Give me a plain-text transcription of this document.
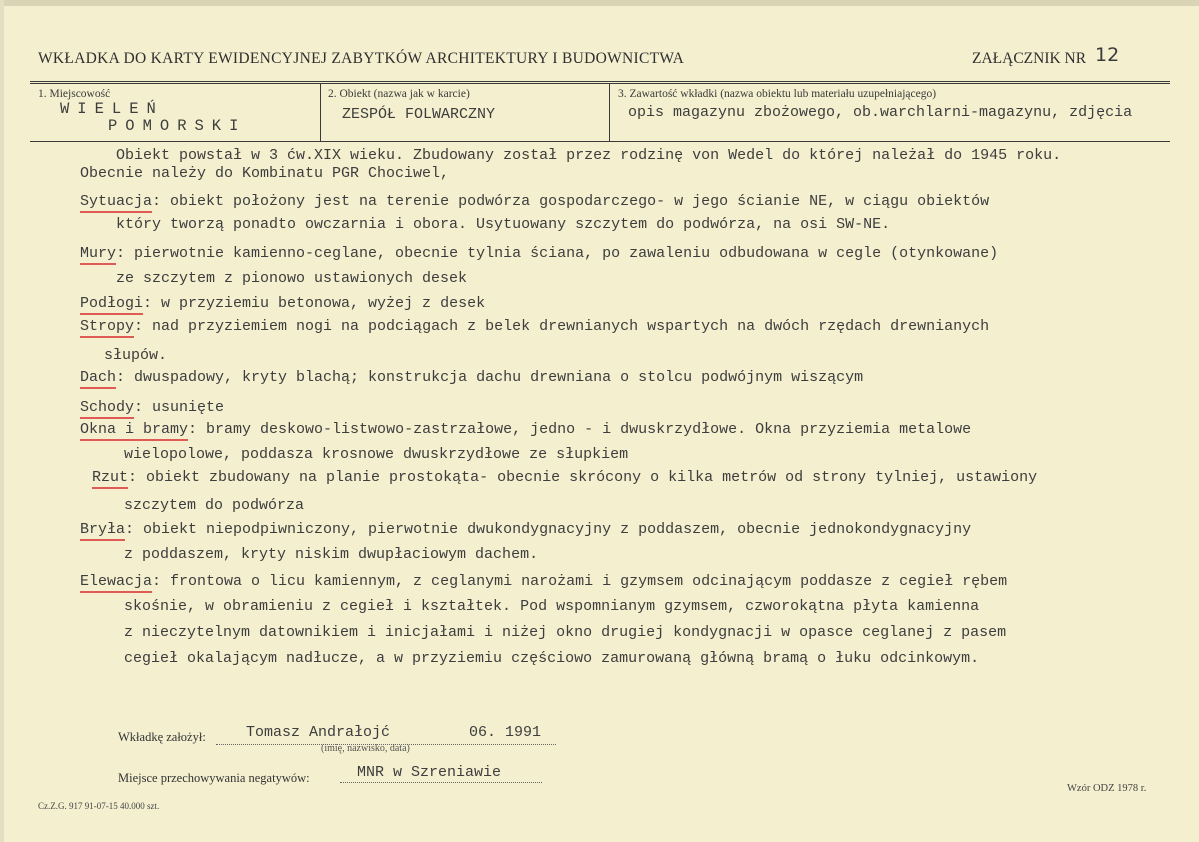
WKŁADKA DO KARTY EWIDENCYJNEJ ZABYTKÓW ARCHITEKTURY I BUDOWNICTWA	ZAŁĄCZNIK NR 12
1. Miejscowość	2. Obiekt (nazwa jak w karcie)	3. Zawartość wkładki (nazwa obiektu lub materiału uzupełniającego)
WIELEŃ
POMORSKI
ZESPÓŁ FOLWARCZNY	opis magazynu zbożowego, ob.warchlarni-magazynu, zdjęcia
Obiekt powstał w 3 ćw.XIX wieku. Zbudowany został przez rodzinę von Wedel do której należał do 1945 roku.
Obecnie należy do Kombinatu PGR Chociwel,
Sytuacja: obiekt położony jest na terenie podwórza gospodarczego- w jego ścianie NE, w ciągu obiektów
który tworzą ponadto owczarnia i obora. Usytuowany szczytem do podwórza, na osi SW-NE.
Mury: pierwotnie kamienno-ceglane, obecnie tylnia ściana, po zawaleniu odbudowana w cegle (otynkowane)
ze szczytem z pionowo ustawionych desek
Podłogi: w przyziemiu betonowa, wyżej z desek
Stropy: nad przyziemiem nogi na podciągach z belek drewnianych wspartych na dwóch rzędach drewnianych
słupów.
Dach: dwuspadowy, kryty blachą; konstrukcja dachu drewniana o stolcu podwójnym wiszącym
Schody: usunięte
Okna i bramy: bramy deskowo-listwowo-zastrzałowe, jedno - i dwuskrzydłowe. Okna przyziemia metalowe
wielopolowe, poddasza krosnowe dwuskrzydłowe ze słupkiem
Rzut: obiekt zbudowany na planie prostokąta- obecnie skrócony o kilka metrów od strony tylniej, ustawiony
szczytem do podwórza
Bryła: obiekt niepodpiwniczony, pierwotnie dwukondygnacyjny z poddaszem, obecnie jednokondygnacyjny
z poddaszem, kryty niskim dwupłaciowym dachem.
Elewacja: frontowa o licu kamiennym, z ceglanymi narożami i gzymsem odcinającym poddasze z cegieł rębem
skośnie, w obramieniu z cegieł i kształtek. Pod wspomnianym gzymsem, czworokątna płyta kamienna
z nieczytelnym datownikiem i inicjałami i niżej okno drugiej kondygnacji w opasce ceglanej z pasem
cegieł okalającym nadłucze, a w przyziemiu częściowo zamurowaną główną bramą o łuku odcinkowym.
Wkładkę założył:	Tomasz Andrałojć	06. 1991
(imię, nazwisko, data)
Miejsce przechowywania negatywów:	MNR w Szreniawie
Cz.Z.G. 917 91-07-15 40.000 szt.
Wzór ODZ 1978 r.
